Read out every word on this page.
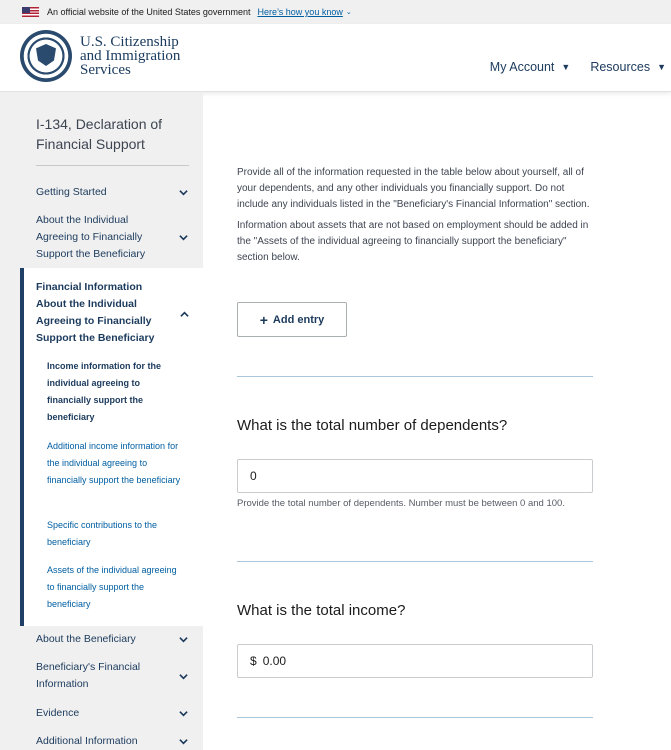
An official website of the United States government Here’s how you know ⌄
U.S. Citizenship
and Immigration
Services	My Account ▼ Resources ▼
I-134, Declaration of Financial Support
Getting Started
About the Individual Agreeing to Financially Support the Beneficiary
Financial Information About the Individual Agreeing to Financially Support the Beneficiary
Income information for the individual agreeing to financially support the beneficiary
Additional income information for the individual agreeing to financially support the beneficiary
Specific contributions to the beneficiary
Assets of the individual agreeing to financially support the beneficiary
About the Beneficiary
Beneficiary's Financial Information
Evidence
Additional Information

Provide all of the information requested in the table below about yourself, all of your dependents, and any other individuals you financially support. Do not include any individuals listed in the "Beneficiary's Financial Information" section.

Information about assets that are not based on employment should be added in the "Assets of the individual agreeing to financially support the beneficiary" section below.

+ Add entry
What is the total number of dependents?
0
Provide the total number of dependents. Number must be between 0 and 100.
What is the total income?
$ 0.00
